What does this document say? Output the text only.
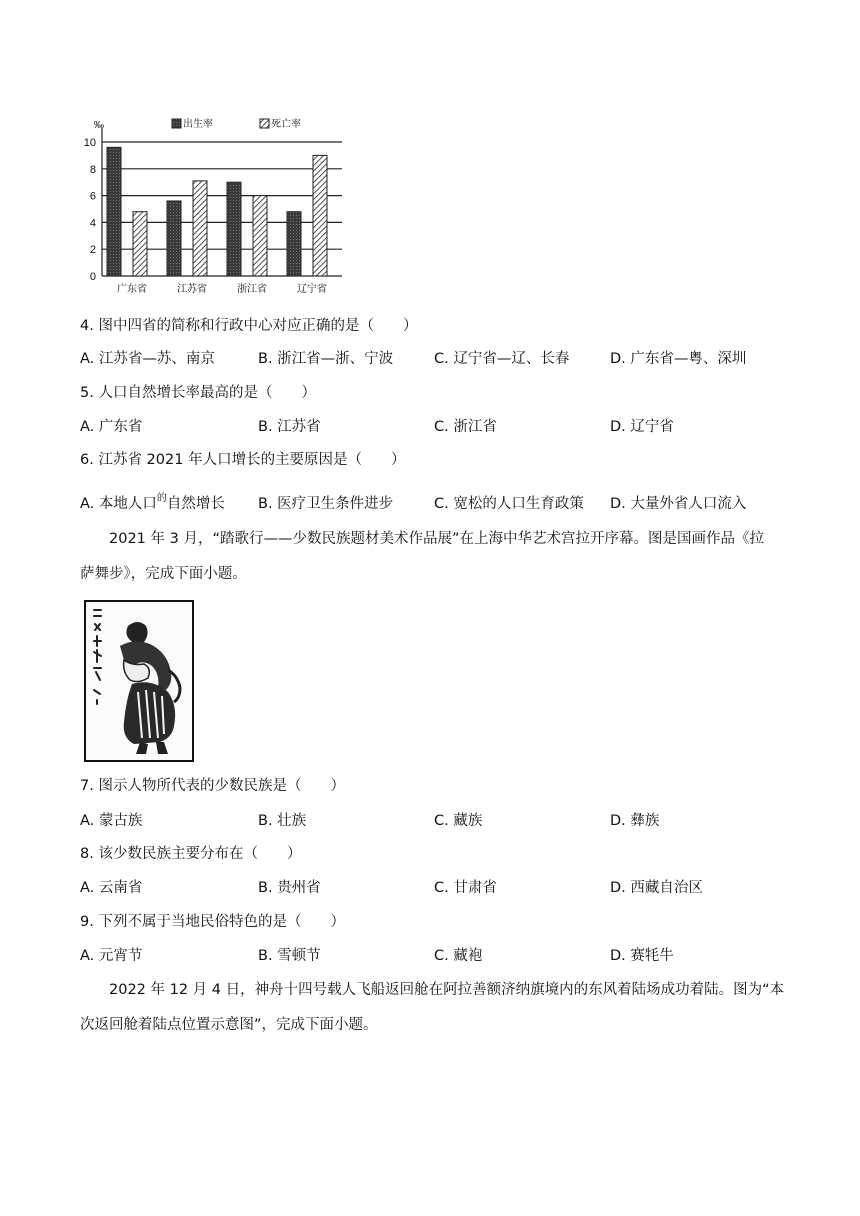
0
2
4
6
8
10
‰	出生率	死亡率
广东省	江苏省	浙江省	辽宁省
4. 图中四省的简称和行政中心对应正确的是（　　）
A. 江苏省—苏、南京	B. 浙江省—浙、宁波	C. 辽宁省—辽、长春	D. 广东省—粤、深圳
5. 人口自然增长率最高的是（　　）
A. 广东省	B. 江苏省	C. 浙江省	D. 辽宁省
6. 江苏省 2021 年人口增长的主要原因是（　　）
A. 本地人口$^的$自然增长 B. 医疗卫生条件进步	C. 宽松的人口生育政策 D. 大量外省人口流入
2021 年 3 月，“踏歌行——少数民族题材美术作品展”在上海中华艺术宫拉开序幕。图是国画作品《拉
萨舞步》，完成下面小题。
7. 图示人物所代表的少数民族是（　　）
A. 蒙古族	B. 壮族	C. 藏族	D. 彝族
8. 该少数民族主要分布在（　　）
A. 云南省	B. 贵州省	C. 甘肃省	D. 西藏自治区
9. 下列不属于当地民俗特色的是（　　）
A. 元宵节	B. 雪顿节	C. 藏袍	D. 赛牦牛
2022 年 12 月 4 日，神舟十四号载人飞船返回舱在阿拉善额济纳旗境内的东风着陆场成功着陆。图为“本
次返回舱着陆点位置示意图”，完成下面小题。
